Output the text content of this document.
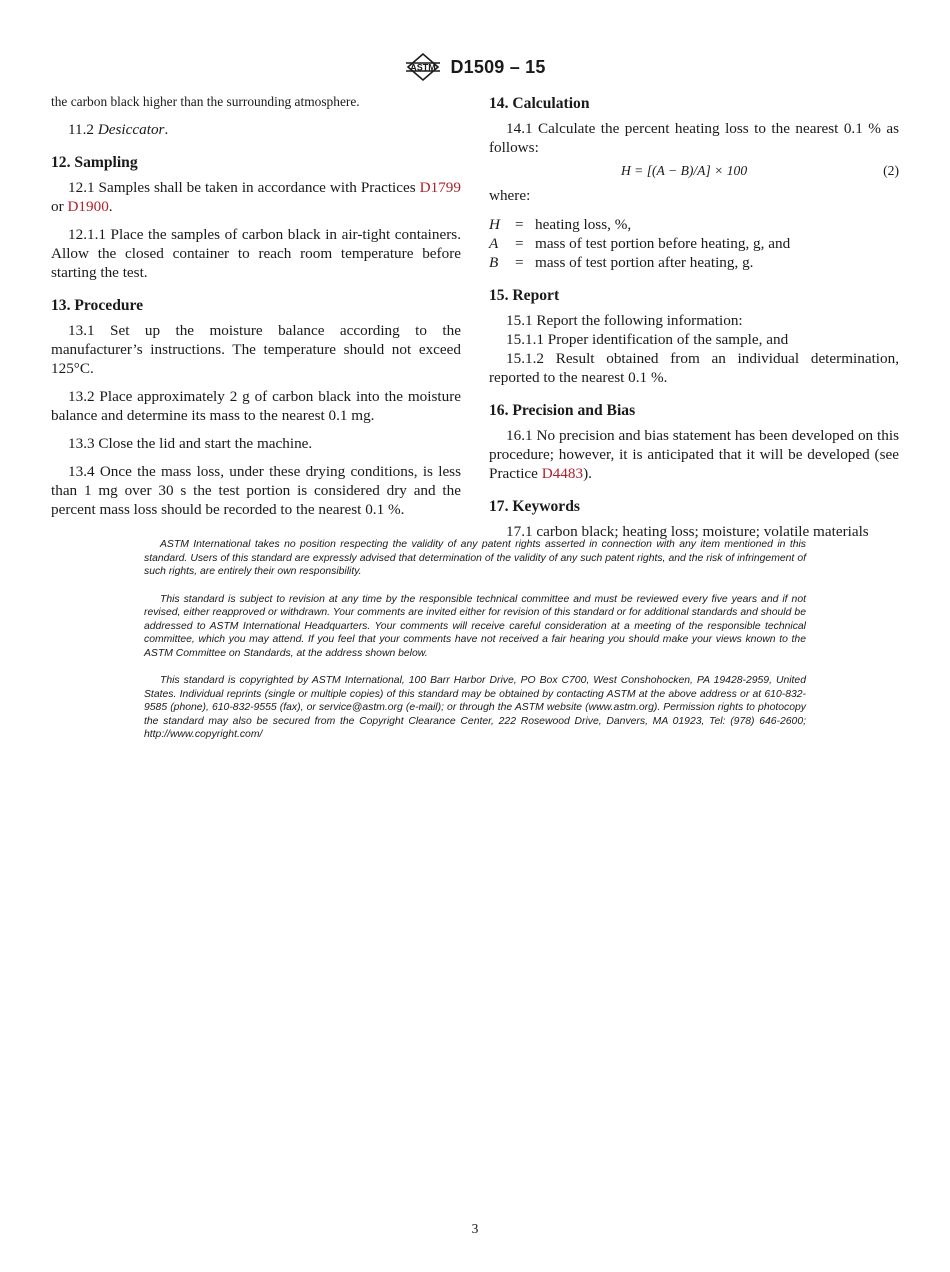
ASTM D1509 – 15

the carbon black higher than the surrounding atmosphere.

11.2 Desiccator.

12. Sampling

12.1 Samples shall be taken in accordance with Practices D1799 or D1900.

12.1.1 Place the samples of carbon black in air-tight containers. Allow the closed container to reach room temperature before starting the test.

13. Procedure

13.1 Set up the moisture balance according to the manufacturer’s instructions. The temperature should not exceed 125°C.

13.2 Place approximately 2 g of carbon black into the moisture balance and determine its mass to the nearest 0.1 mg.

13.3 Close the lid and start the machine.

13.4 Once the mass loss, under these drying conditions, is less than 1 mg over 30 s the test portion is considered dry and the percent mass loss should be recorded to the nearest 0.1 %.

14. Calculation

14.1 Calculate the percent heating loss to the nearest 0.1 % as follows:

H = [(A − B)/A] × 100	(2)

where:

H = heating loss, %,
A	= mass of test portion before heating, g, and
B	= mass of test portion after heating, g.
15. Report

15.1 Report the following information:

15.1.1 Proper identification of the sample, and

15.1.2 Result obtained from an individual determination, reported to the nearest 0.1 %.

16. Precision and Bias

16.1 No precision and bias statement has been developed on this procedure; however, it is anticipated that it will be developed (see Practice D4483).

17. Keywords

17.1 carbon black; heating loss; moisture; volatile materials

ASTM International takes no position respecting the validity of any patent rights asserted in connection with any item mentioned in this standard. Users of this standard are expressly advised that determination of the validity of any such patent rights, and the risk of infringement of such rights, are entirely their own responsibility.

This standard is subject to revision at any time by the responsible technical committee and must be reviewed every five years and if not revised, either reapproved or withdrawn. Your comments are invited either for revision of this standard or for additional standards and should be addressed to ASTM International Headquarters. Your comments will receive careful consideration at a meeting of the responsible technical committee, which you may attend. If you feel that your comments have not received a fair hearing you should make your views known to the ASTM Committee on Standards, at the address shown below.

This standard is copyrighted by ASTM International, 100 Barr Harbor Drive, PO Box C700, West Conshohocken, PA 19428-2959, United States. Individual reprints (single or multiple copies) of this standard may be obtained by contacting ASTM at the above address or at 610-832-9585 (phone), 610-832-9555 (fax), or service@astm.org (e-mail); or through the ASTM website (www.astm.org). Permission rights to photocopy the standard may also be secured from the Copyright Clearance Center, 222 Rosewood Drive, Danvers, MA 01923, Tel: (978) 646-2600; http://www.copyright.com/

3
